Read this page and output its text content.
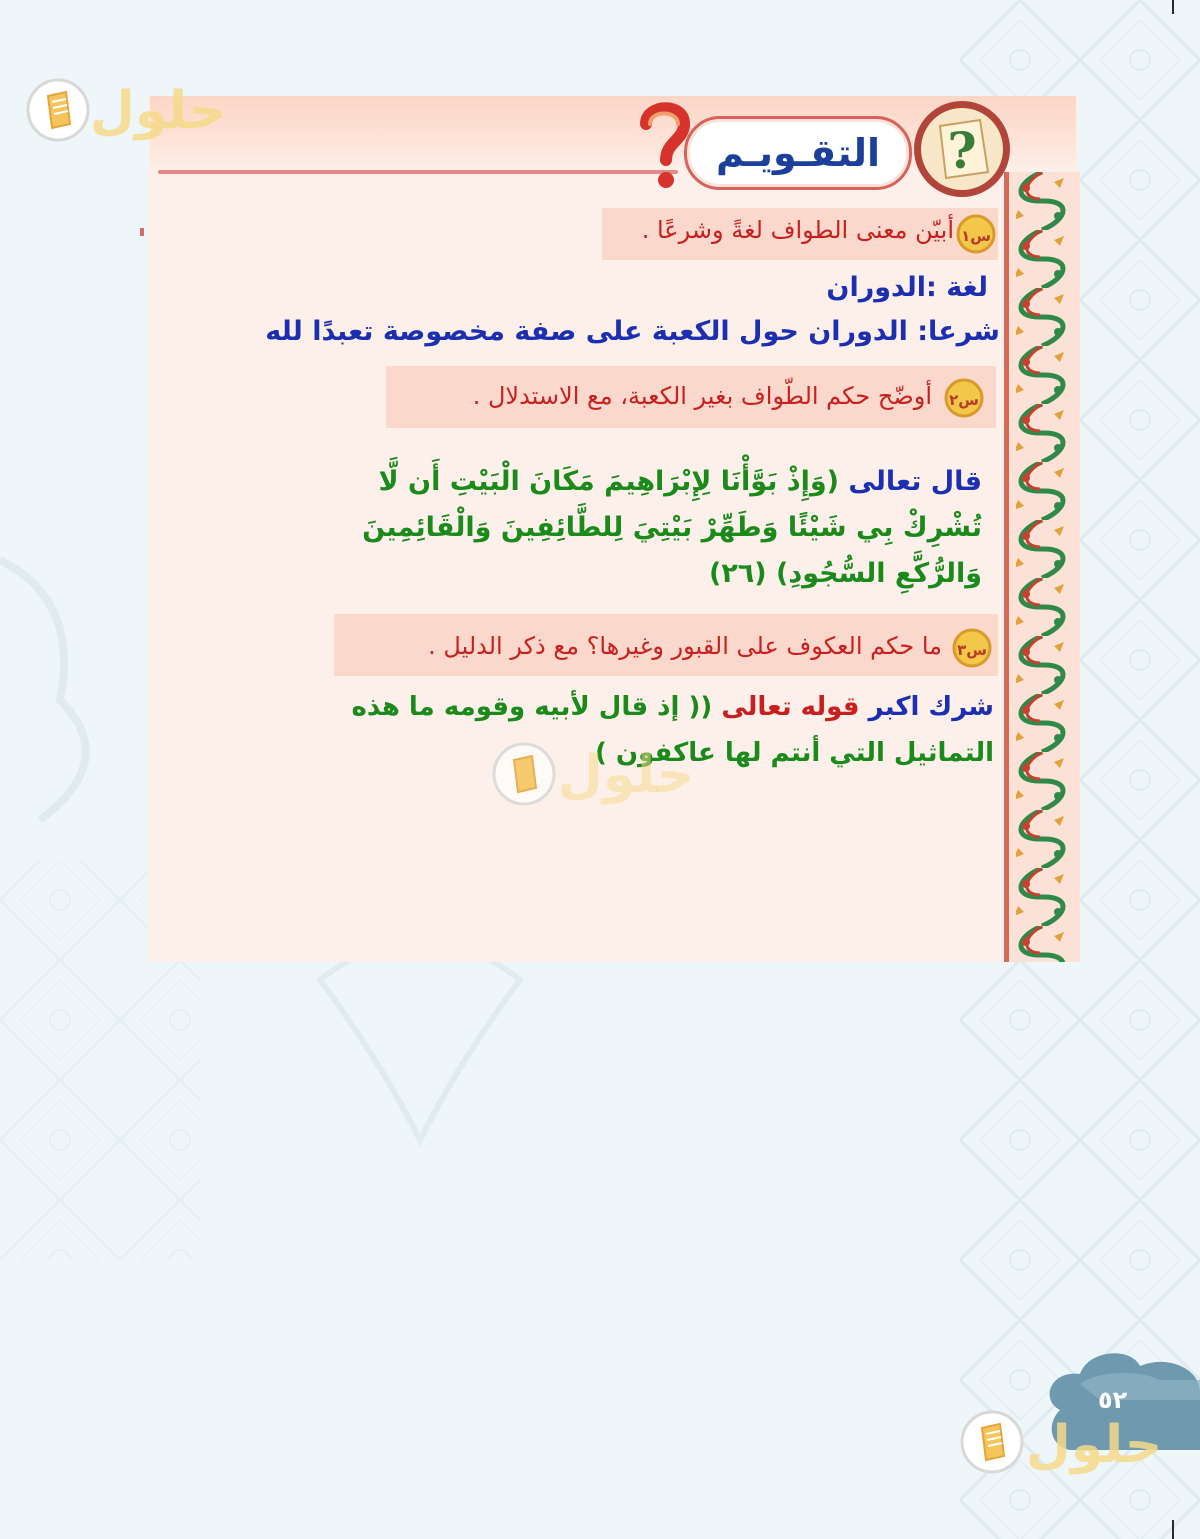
حلول
?
التقـويـم
س١
أبيّن معنى الطواف لغةً وشرعًا .
لغة :الدوران
شرعا: الدوران حول الكعبة على صفة مخصوصة تعبدًا لله
س٢
أوضّح حكم الطّواف بغير الكعبة، مع الاستدلال .
قال تعالى (وَإِذْ بَوَّأْنَا لِإِبْرَاهِيمَ مَكَانَ الْبَيْتِ أَن لَّا
تُشْرِكْ بِي شَيْئًا وَطَهِّرْ بَيْتِيَ لِلطَّائِفِينَ وَالْقَائِمِينَ
وَالرُّكَّعِ السُّجُودِ) (٢٦)
س٣
ما حكم العكوف على القبور وغيرها؟ مع ذكر الدليل .
شرك اكبر قوله تعالى (( إذ قال لأبيه وقومه ما هذه
التماثيل التي أنتم لها عاكفون )
حلول
٥٢
حلول
